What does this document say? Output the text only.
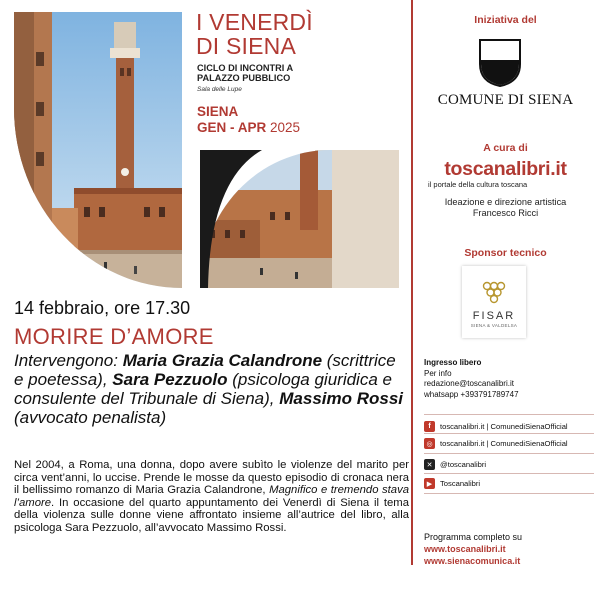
I VENERDÌ
DI SIENA
CICLO DI INCONTRI A
PALAZZO PUBBLICO
Sala delle Lupe
SIENA
GEN - APR 2025
14 febbraio, ore 17.30
MORIRE D’AMORE
Intervengono: Maria Grazia Calandrone (scrittrice e poetessa), Sara Pezzuolo (psicologa giuridica e consulente del Tribunale di Siena), Massimo Rossi (avvocato penalista)
Nel 2004, a Roma, una donna, dopo avere subìto le violenze del marito per circa vent’anni, lo uccise. Prende le mosse da questo episodio di cronaca nera il bellissimo romanzo di Maria Grazia Calandrone, Magnifico e tremendo stava l’amore. In occasione del quarto appuntamento dei Venerdì di Siena il tema della violenza sulle donne viene affrontato insieme all’autrice del libro, alla psicologa Sara Pezzuolo, all’avvocato Massimo Rossi.
Iniziativa del
COMUNE DI SIENA
A cura di
toscanalibri.it
il portale della cultura toscana
Ideazione e direzione artistica
Francesco Ricci
Sponsor tecnico
FISAR
SIENA & VALDELSA
Ingresso libero
Per info
redazione@toscanalibri.it
whatsapp +393791789747
f	toscanalibri.it | ComunediSienaOfficial
◎ toscanalibri.it | ComunediSienaOfficial
✕ @toscanalibri
▶	Toscanalibri
Programma completo su
www.toscanalibri.it
www.sienacomunica.it
